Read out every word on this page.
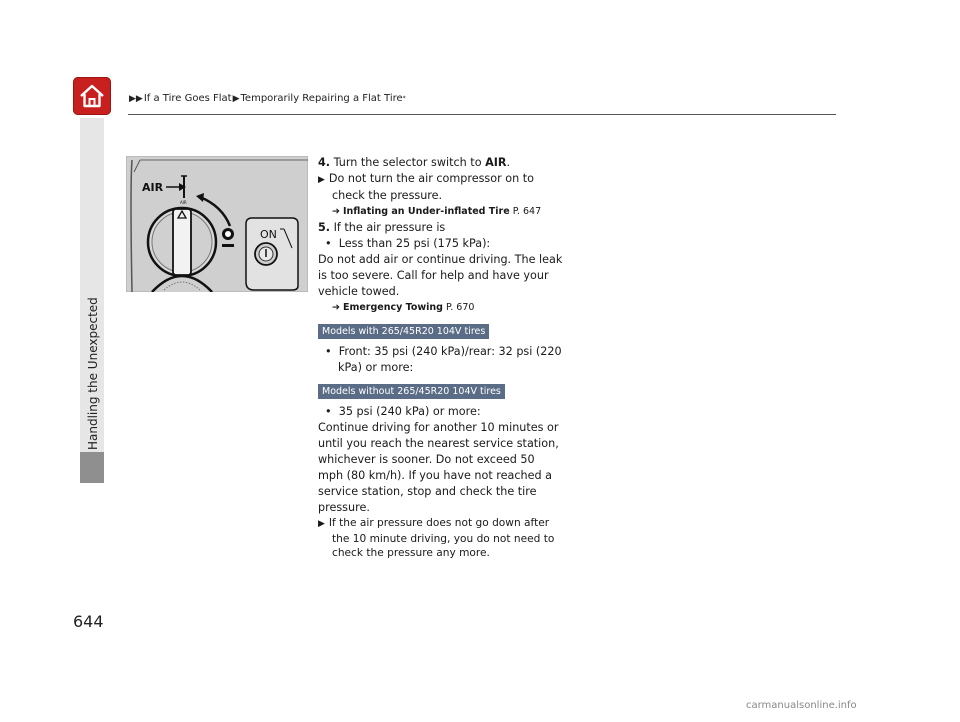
▶▶ If a Tire Goes Flat ▶ Temporarily Repairing a Flat Tire *
Handling the Unexpected
644
AIR
AIR
ON

4. Turn the selector switch to AIR.

▶ Do not turn the air compressor on to check the pressure.

➔ Inflating an Under-inflated Tire P. 647

5. If the air pressure is

•  Less than 25 psi (175 kPa):

Do not add air or continue driving. The leak is too severe. Call for help and have your vehicle towed.

➔ Emergency Towing P. 670

Models with 265/45R20 104V tires

•  Front: 35 psi (240 kPa)/rear: 32 psi (220 kPa) or more:

Models without 265/45R20 104V tires

•  35 psi (240 kPa) or more:

Continue driving for another 10 minutes or until you reach the nearest service station, whichever is sooner. Do not exceed 50 mph (80 km/h). If you have not reached a service station, stop and check the tire pressure.

▶ If the air pressure does not go down after the 10 minute driving, you do not need to check the pressure any more.

carmanualsonline.info
